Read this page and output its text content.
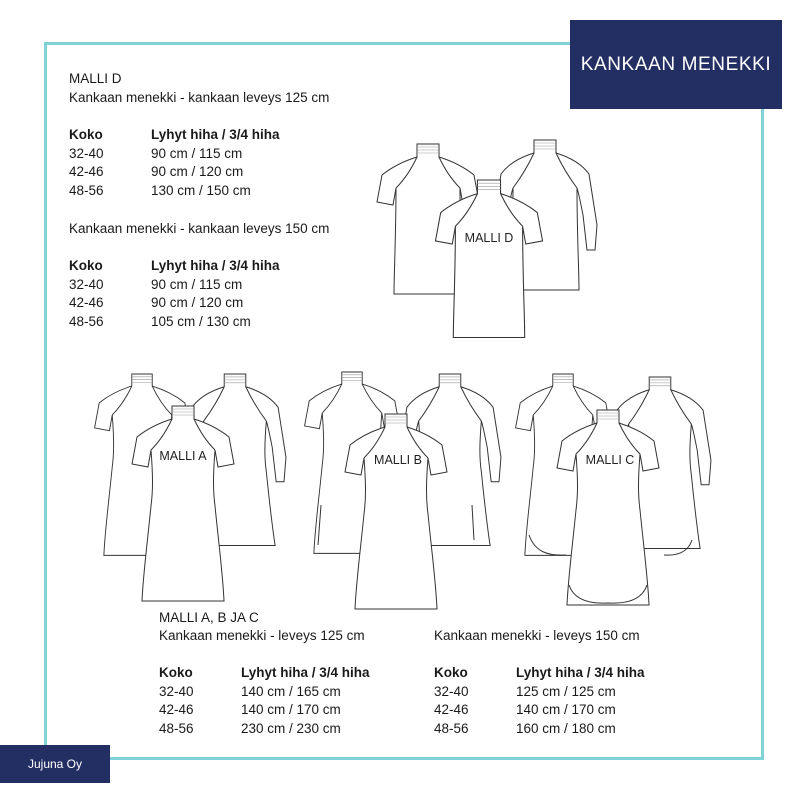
KANKAAN MENEKKI
MALLI D
Kankaan menekki - kankaan leveys 125 cm
Koko	Lyhyt hiha / 3/4 hiha
32-40	90 cm / 115 cm
42-46	90 cm / 120 cm
48-56	130 cm / 150 cm
Kankaan menekki - kankaan leveys 150 cm
Koko	Lyhyt hiha / 3/4 hiha
32-40	90 cm / 115 cm
42-46	90 cm / 120 cm
48-56	105 cm / 130 cm
MALLI D
MALLI A	MALLI B	MALLI C
MALLI A, B JA C
Kankaan menekki - leveys 125 cm	Kankaan menekki - leveys 150 cm
Koko	Lyhyt hiha / 3/4 hiha
32-40	140 cm / 165 cm
42-46	140 cm / 170 cm
48-56	230 cm / 230 cm
Koko	Lyhyt hiha / 3/4 hiha
32-40	125 cm / 125 cm
42-46	140 cm / 170 cm
48-56	160 cm / 180 cm
Jujuna Oy
